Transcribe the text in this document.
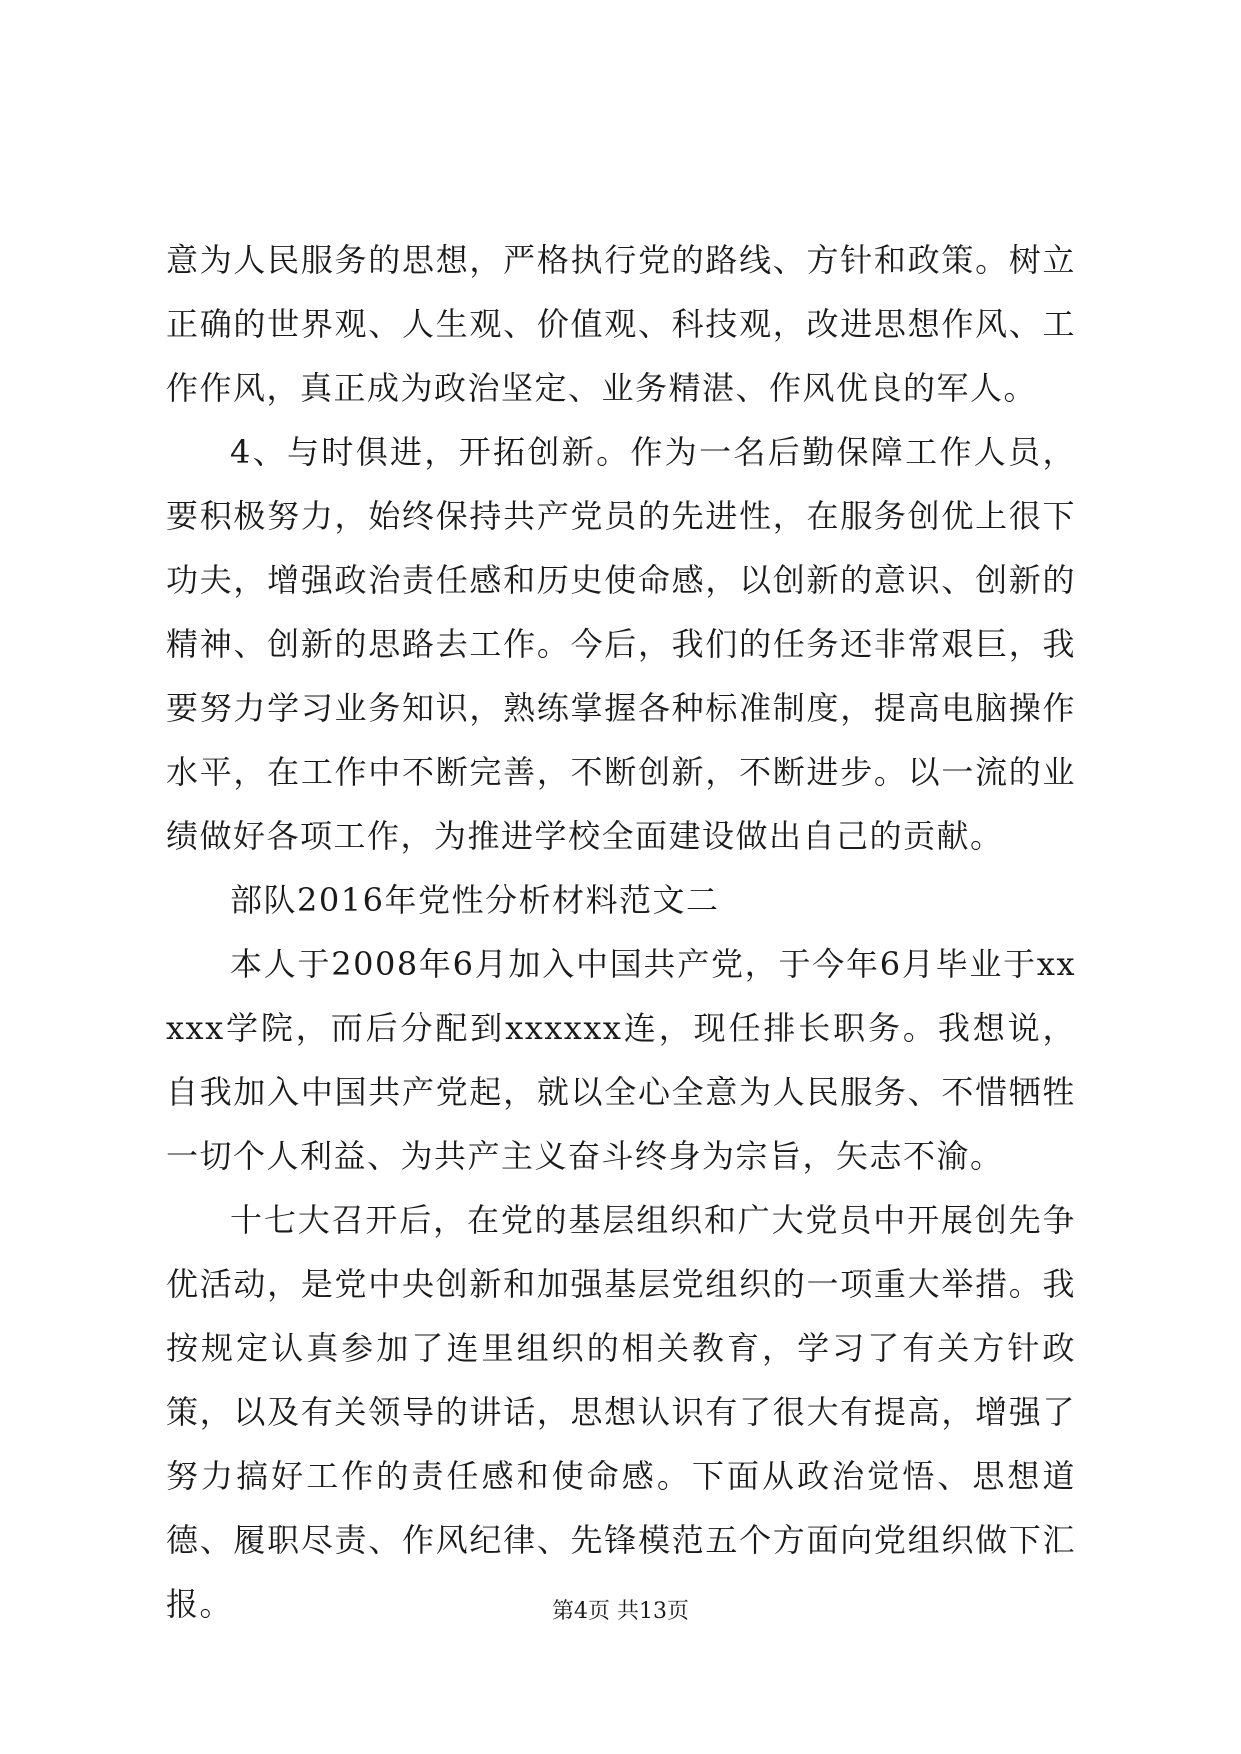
意为人民服务的思想，严格执行党的路线、方针和政策。树立正确的世界观、人生观、价值观、科技观，改进思想作风、工作作风，真正成为政治坚定、业务精湛、作风优良的军人。

4、与时俱进，开拓创新。作为一名后勤保障工作人员，要积极努力，始终保持共产党员的先进性，在服务创优上很下功夫，增强政治责任感和历史使命感，以创新的意识、创新的精神、创新的思路去工作。今后，我们的任务还非常艰巨，我要努力学习业务知识，熟练掌握各种标准制度，提高电脑操作水平，在工作中不断完善，不断创新，不断进步。以一流的业绩做好各项工作，为推进学校全面建设做出自己的贡献。

部队2016年党性分析材料范文二

本人于2008年6月加入中国共产党，于今年6月毕业于xxxxx学院，而后分配到xxxxxx连，现任排长职务。我想说，自我加入中国共产党起，就以全心全意为人民服务、不惜牺牲一切个人利益、为共产主义奋斗终身为宗旨，矢志不渝。

十七大召开后，在党的基层组织和广大党员中开展创先争优活动，是党中央创新和加强基层党组织的一项重大举措。我按规定认真参加了连里组织的相关教育，学习了有关方针政策，以及有关领导的讲话，思想认识有了很大有提高，增强了努力搞好工作的责任感和使命感。下面从政治觉悟、思想道德、履职尽责、作风纪律、先锋模范五个方面向党组织做下汇报。	第4页 共13页
